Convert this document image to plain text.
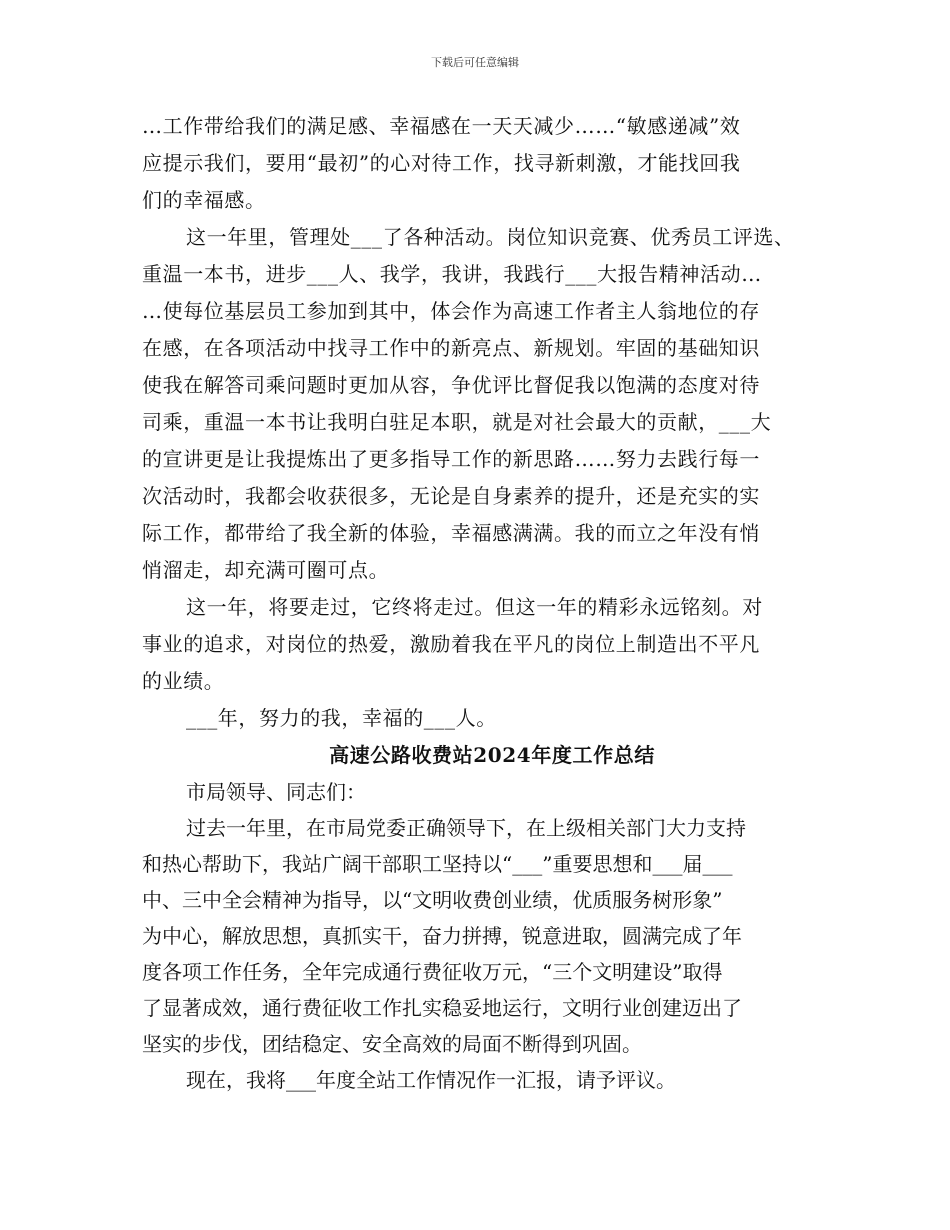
下载后可任意编辑

…工作带给我们的满足感、幸福感在一天天减少……“敏感递减”效

应提示我们，要用“最初”的心对待工作，找寻新刺激，才能找回我

们的幸福感。

这一年里，管理处___了各种活动。岗位知识竞赛、优秀员工评选、

重温一本书，进步___人、我学，我讲，我践行___大报告精神活动…

…使每位基层员工参加到其中，体会作为高速工作者主人翁地位的存

在感，在各项活动中找寻工作中的新亮点、新规划。牢固的基础知识

使我在解答司乘问题时更加从容，争优评比督促我以饱满的态度对待

司乘，重温一本书让我明白驻足本职，就是对社会最大的贡献，___大

的宣讲更是让我提炼出了更多指导工作的新思路……努力去践行每一

次活动时，我都会收获很多，无论是自身素养的提升，还是充实的实

际工作，都带给了我全新的体验，幸福感满满。我的而立之年没有悄

悄溜走，却充满可圈可点。

这一年，将要走过，它终将走过。但这一年的精彩永远铭刻。对

事业的追求，对岗位的热爱，激励着我在平凡的岗位上制造出不平凡

的业绩。

___年，努力的我，幸福的___人。

高速公路收费站2024年度工作总结

市局领导、同志们：

过去一年里，在市局党委正确领导下，在上级相关部门大力支持

和热心帮助下，我站广阔干部职工坚持以“___”重要思想和___届___

中、三中全会精神为指导，以“文明收费创业绩，优质服务树形象”

为中心，解放思想，真抓实干，奋力拼搏，锐意进取，圆满完成了年

度各项工作任务，全年完成通行费征收万元，“三个文明建设”取得

了显著成效，通行费征收工作扎实稳妥地运行，文明行业创建迈出了

坚实的步伐，团结稳定、安全高效的局面不断得到巩固。

现在，我将___年度全站工作情况作一汇报，请予评议。
